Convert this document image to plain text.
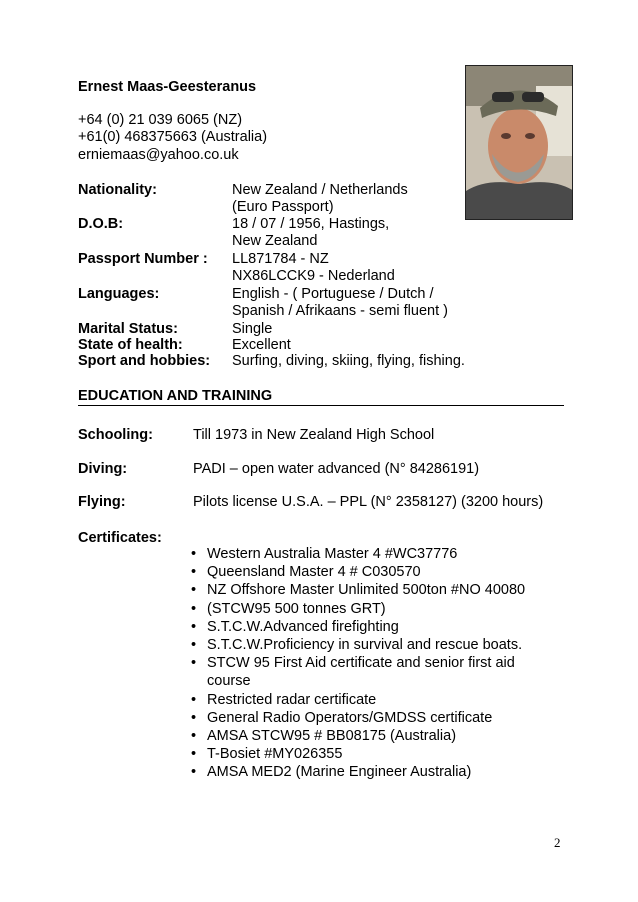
Ernest Maas-Geesteranus
+64 (0) 21 039 6065 (NZ)
+61(0) 468375663 (Australia)
erniemaas@yahoo.co.uk
Nationality:	New Zealand / Netherlands
(Euro Passport)
D.O.B:	18 / 07 / 1956, Hastings,
New Zealand
Passport Number : LL871784 - NZ
NX86LCCK9 - Nederland
Languages:	English - ( Portuguese / Dutch /
Spanish / Afrikaans - semi fluent )
Marital Status:	Single
State of health:	Excellent
Sport and hobbies: Surfing, diving, skiing, flying, fishing.
EDUCATION AND TRAINING
Schooling:	Till 1973 in New Zealand High School
Diving:	PADI – open water advanced (N° 84286191)
Flying:	Pilots license U.S.A. – PPL (N° 2358127) (3200 hours)
Certificates:
• Western Australia Master 4 #WC37776
• Queensland Master 4 # C030570
• NZ Offshore Master Unlimited 500ton #NO 40080
• (STCW95 500 tonnes GRT)
• S.T.C.W.Advanced firefighting
• S.T.C.W.Proficiency in survival and rescue boats.
• STCW 95 First Aid certificate and senior first aid course
• Restricted radar certificate
• General Radio Operators/GMDSS certificate
• AMSA STCW95 # BB08175 (Australia)
• T-Bosiet #MY026355
• AMSA MED2 (Marine Engineer Australia)
2
